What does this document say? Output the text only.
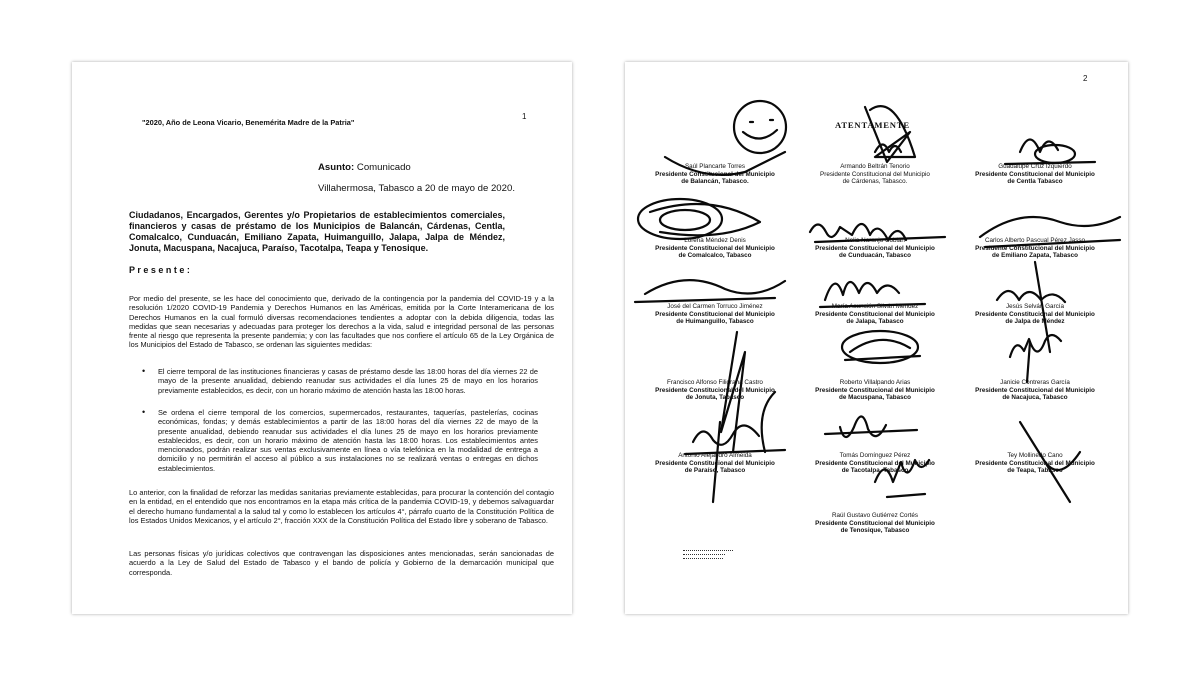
"2020, Año de Leona Vicario, Benemérita Madre de la Patria"
1
Asunto: Comunicado
Villahermosa, Tabasco a 20 de mayo de 2020.
Ciudadanos, Encargados, Gerentes y/o Propietarios de establecimientos comerciales, financieros y casas de préstamo de los Municipios de Balancán, Cárdenas, Centla, Comalcalco, Cunduacán, Emiliano Zapata, Huimanguillo, Jalapa, Jalpa de Méndez, Jonuta, Macuspana, Nacajuca, Paraíso, Tacotalpa, Teapa y Tenosique.
P r e s e n t e :
Por medio del presente, se les hace del conocimiento que, derivado de la contingencia por la pandemia del COVID-19 y a la resolución 1/2020 COVID-19 Pandemia y Derechos Humanos en las Américas, emitida por la Corte Interamericana de los Derechos Humanos en la cual formuló diversas recomendaciones tendientes a adoptar con la debida diligencia, todas las medidas que sean necesarias y adecuadas para proteger los derechos a la vida, salud e integridad personal de las personas frente al riesgo que representa la presente pandemia; y con las facultades que nos confiere el artículo 65 de la Ley Orgánica de los Municipios del Estado de Tabasco, se ordenan las siguientes medidas:
• El cierre temporal de las instituciones financieras y casas de préstamo desde las 18:00 horas del día viernes 22 de mayo de la presente anualidad, debiendo reanudar sus actividades el día lunes 25 de mayo en los horarios previamente establecidos, es decir, con un horario máximo de atención hasta las 18:00 horas.
• Se ordena el cierre temporal de los comercios, supermercados, restaurantes, taquerías, pastelerías, cocinas económicas, fondas; y demás establecimientos a partir de las 18:00 horas del día viernes 22 de mayo de la presente anualidad, debiendo reanudar sus actividades el día lunes 25 de mayo en los horarios previamente establecidos, es decir, con un horario máximo de atención hasta las 18:00 horas. Los establecimientos antes mencionados, podrán realizar sus ventas exclusivamente en línea o vía telefónica en la modalidad de entrega a domicilio y no permitirán el acceso al público a sus instalaciones no se realizará ventas o entregas en dichos establecimientos.
Lo anterior, con la finalidad de reforzar las medidas sanitarias previamente establecidas, para procurar la contención del contagio en la entidad, en el entendido que nos encontramos en la etapa más crítica de la pandemia COVID-19, y debemos salvaguardar el derecho humano fundamental a la salud tal y como lo establecen los artículos 4°, párrafo cuarto de la Constitución Política de los Estados Unidos Mexicanos, y el artículo 2°, fracción XXX de la Constitución Política del Estado libre y soberano de Tabasco.
Las personas físicas y/o jurídicas colectivos que contravengan las disposiciones antes mencionadas, serán sancionadas de acuerdo a la Ley de Salud del Estado de Tabasco y el bando de policía y Gobierno de la demarcación municipal que corresponda.
2
ATENTAMENTE
Saúl Plancarte Torres
Presidente Constitucional del Municipio
de Balancán, Tabasco.
Armando Beltrán Tenorio
Presidente Constitucional del Municipio
de Cárdenas, Tabasco.
Guadalupe Cruz Izquierdo
Presidente Constitucional del Municipio
de Centla Tabasco
Lorena Méndez Denis
Presidente Constitucional del Municipio
de Comalcalco, Tabasco
Nelia Naranjo Cobián
Presidente Constitucional del Municipio
de Cunduacán, Tabasco
Carlos Alberto Pascual Pérez Jasso
Presidente Constitucional del Municipio
de Emiliano Zapata, Tabasco
José del Carmen Torruco Jiménez
Presidente Constitucional del Municipio
de Huimanguillo, Tabasco
María Asunción Silván Méndez
Presidente Constitucional del Municipio
de Jalapa, Tabasco
Jesús Selván García
Presidente Constitucional del Municipio
de Jalpa de Méndez
Francisco Alfonso Filigrana Castro
Presidente Constitucional del Municipio
de Jonuta, Tabasco
Roberto Villalpando Arias
Presidente Constitucional del Municipio
de Macuspana, Tabasco
Janicie Contreras García
Presidente Constitucional del Municipio
de Nacajuca, Tabasco
Antonio Alejandro Almeida
Presidente Constitucional del Municipio
de Paraíso, Tabasco
Tomás Domínguez Pérez
Presidente Constitucional del Municipio
de Tacotalpa, Tabasco
Tey Mollinedo Cano
Presidente Constitucional del Municipio
de Teapa, Tabasco
Raúl Gustavo Gutiérrez Cortés
Presidente Constitucional del Municipio
de Tenosique, Tabasco
